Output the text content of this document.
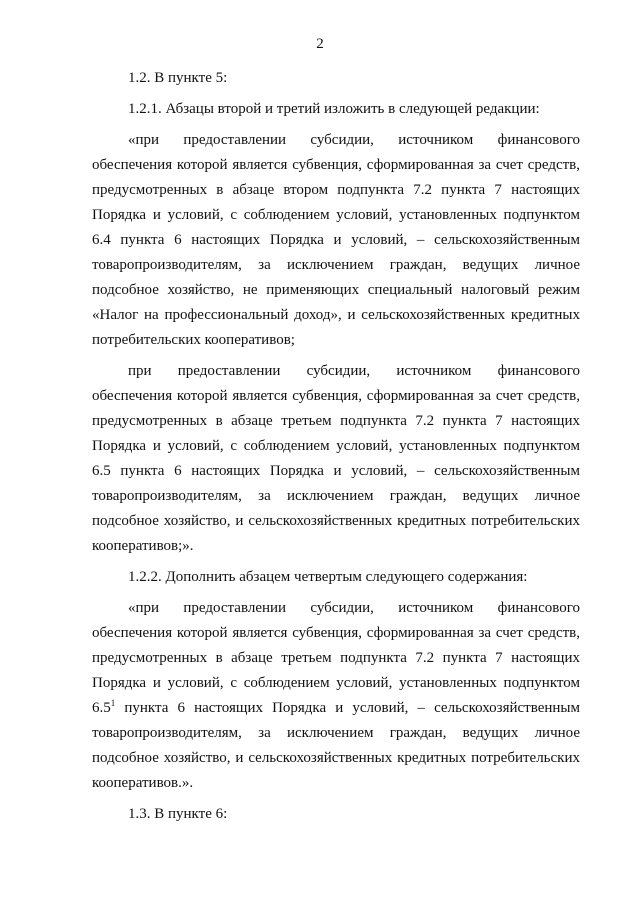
2
1.2. В пункте 5:
1.2.1. Абзацы второй и третий изложить в следующей редакции:
«при предоставлении субсидии, источником финансового
обеспечения которой является субвенция, сформированная за счет средств,
предусмотренных в абзаце втором подпункта 7.2 пункта 7 настоящих
Порядка и условий, с соблюдением условий, установленных подпунктом
6.4 пункта 6 настоящих Порядка и условий, – сельскохозяйственным
товаропроизводителям, за исключением граждан, ведущих личное
подсобное хозяйство, не применяющих специальный налоговый режим
«Налог на профессиональный доход», и сельскохозяйственных кредитных
потребительских кооперативов;
при предоставлении субсидии, источником финансового
обеспечения которой является субвенция, сформированная за счет средств,
предусмотренных в абзаце третьем подпункта 7.2 пункта 7 настоящих
Порядка и условий, с соблюдением условий, установленных подпунктом
6.5 пункта 6 настоящих Порядка и условий, – сельскохозяйственным
товаропроизводителям, за исключением граждан, ведущих личное
подсобное хозяйство, и сельскохозяйственных кредитных потребительских
кооперативов;».
1.2.2. Дополнить абзацем четвертым следующего содержания:
«при предоставлении субсидии, источником финансового
обеспечения которой является субвенция, сформированная за счет средств,
предусмотренных в абзаце третьем подпункта 7.2 пункта 7 настоящих
Порядка и условий, с соблюдением условий, установленных подпунктом
$6.5^1$ пункта 6 настоящих Порядка и условий, – сельскохозяйственным
товаропроизводителям, за исключением граждан, ведущих личное
подсобное хозяйство, и сельскохозяйственных кредитных потребительских
кооперативов.».
1.3. В пункте 6:
